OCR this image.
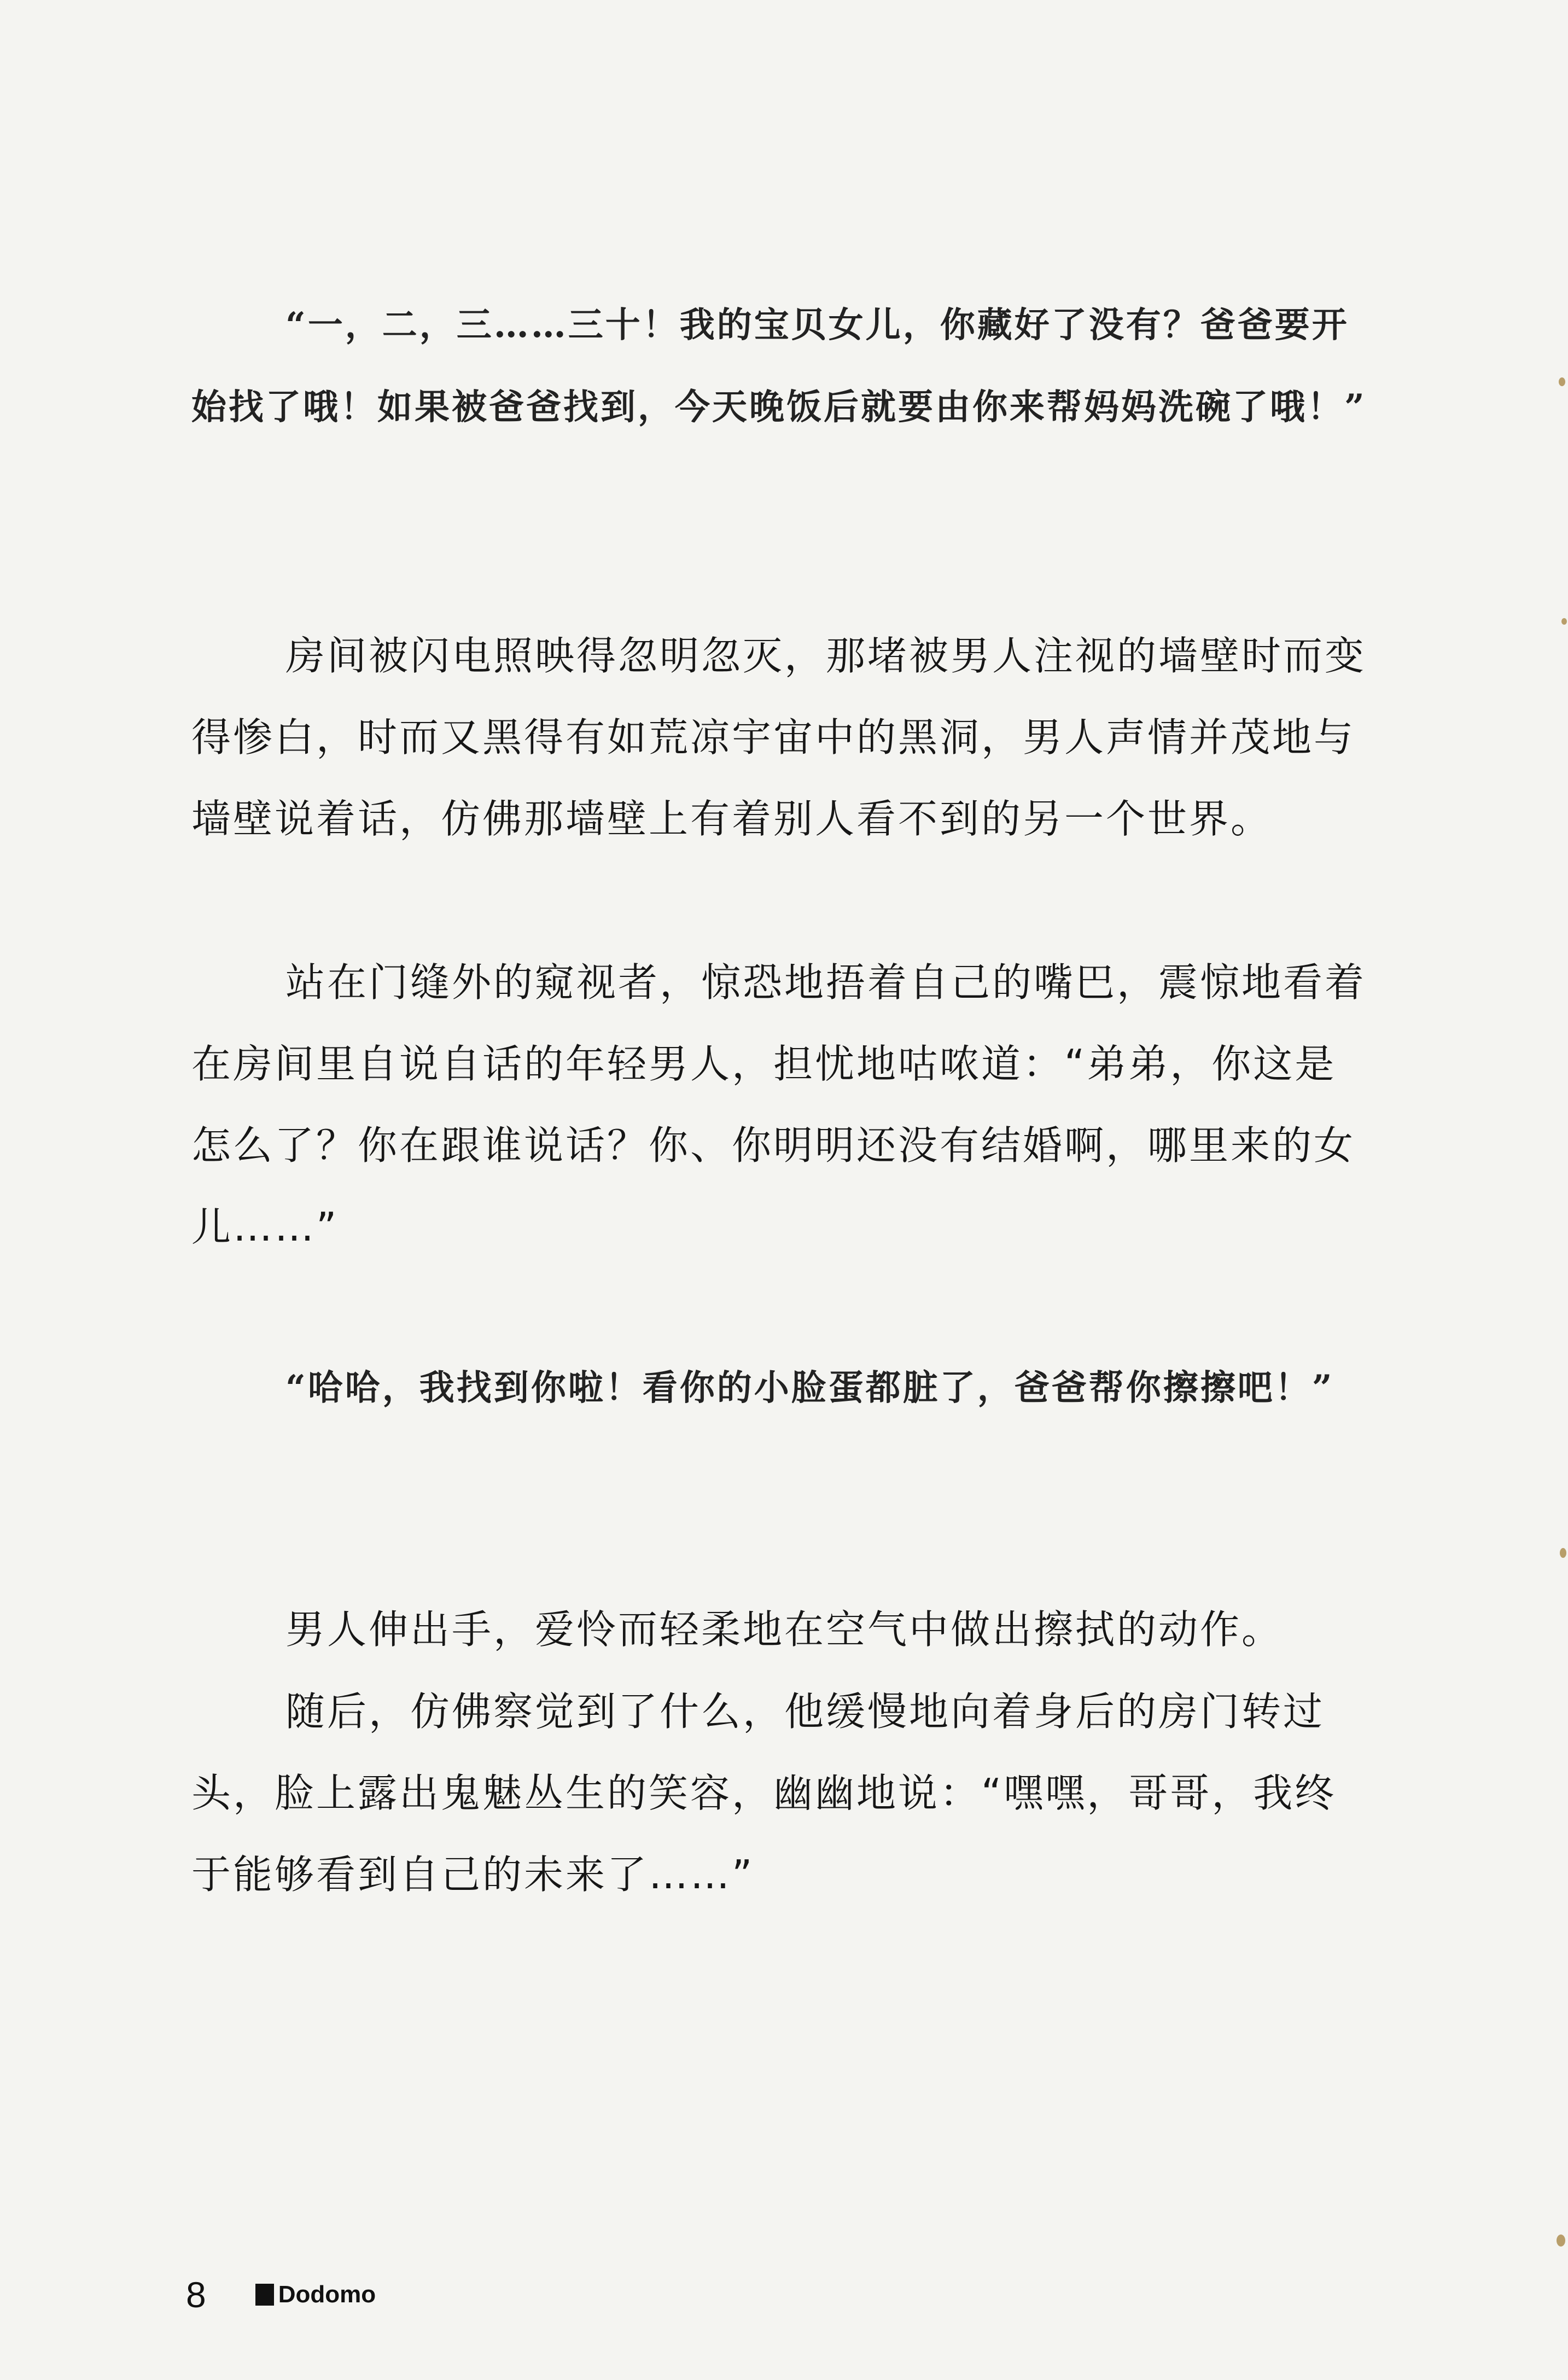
“一，二，三……三十！我的宝贝女儿，你藏好了没有？爸爸要开始找了哦！如果被爸爸找到，今天晚饭后就要由你来帮妈妈洗碗了哦！”

房间被闪电照映得忽明忽灭，那堵被男人注视的墙壁时而变得惨白，时而又黑得有如荒凉宇宙中的黑洞，男人声情并茂地与墙壁说着话，仿佛那墙壁上有着别人看不到的另一个世界。

站在门缝外的窥视者，惊恐地捂着自己的嘴巴，震惊地看着在房间里自说自话的年轻男人，担忧地咕哝道：“弟弟，你这是怎么了？你在跟谁说话？你、你明明还没有结婚啊，哪里来的女儿……”

“哈哈，我找到你啦！看你的小脸蛋都脏了，爸爸帮你擦擦吧！”

男人伸出手，爱怜而轻柔地在空气中做出擦拭的动作。

随后，仿佛察觉到了什么，他缓慢地向着身后的房门转过头，脸上露出鬼魅丛生的笑容，幽幽地说：“嘿嘿，哥哥，我终于能够看到自己的未来了……”

8	Dodomo
